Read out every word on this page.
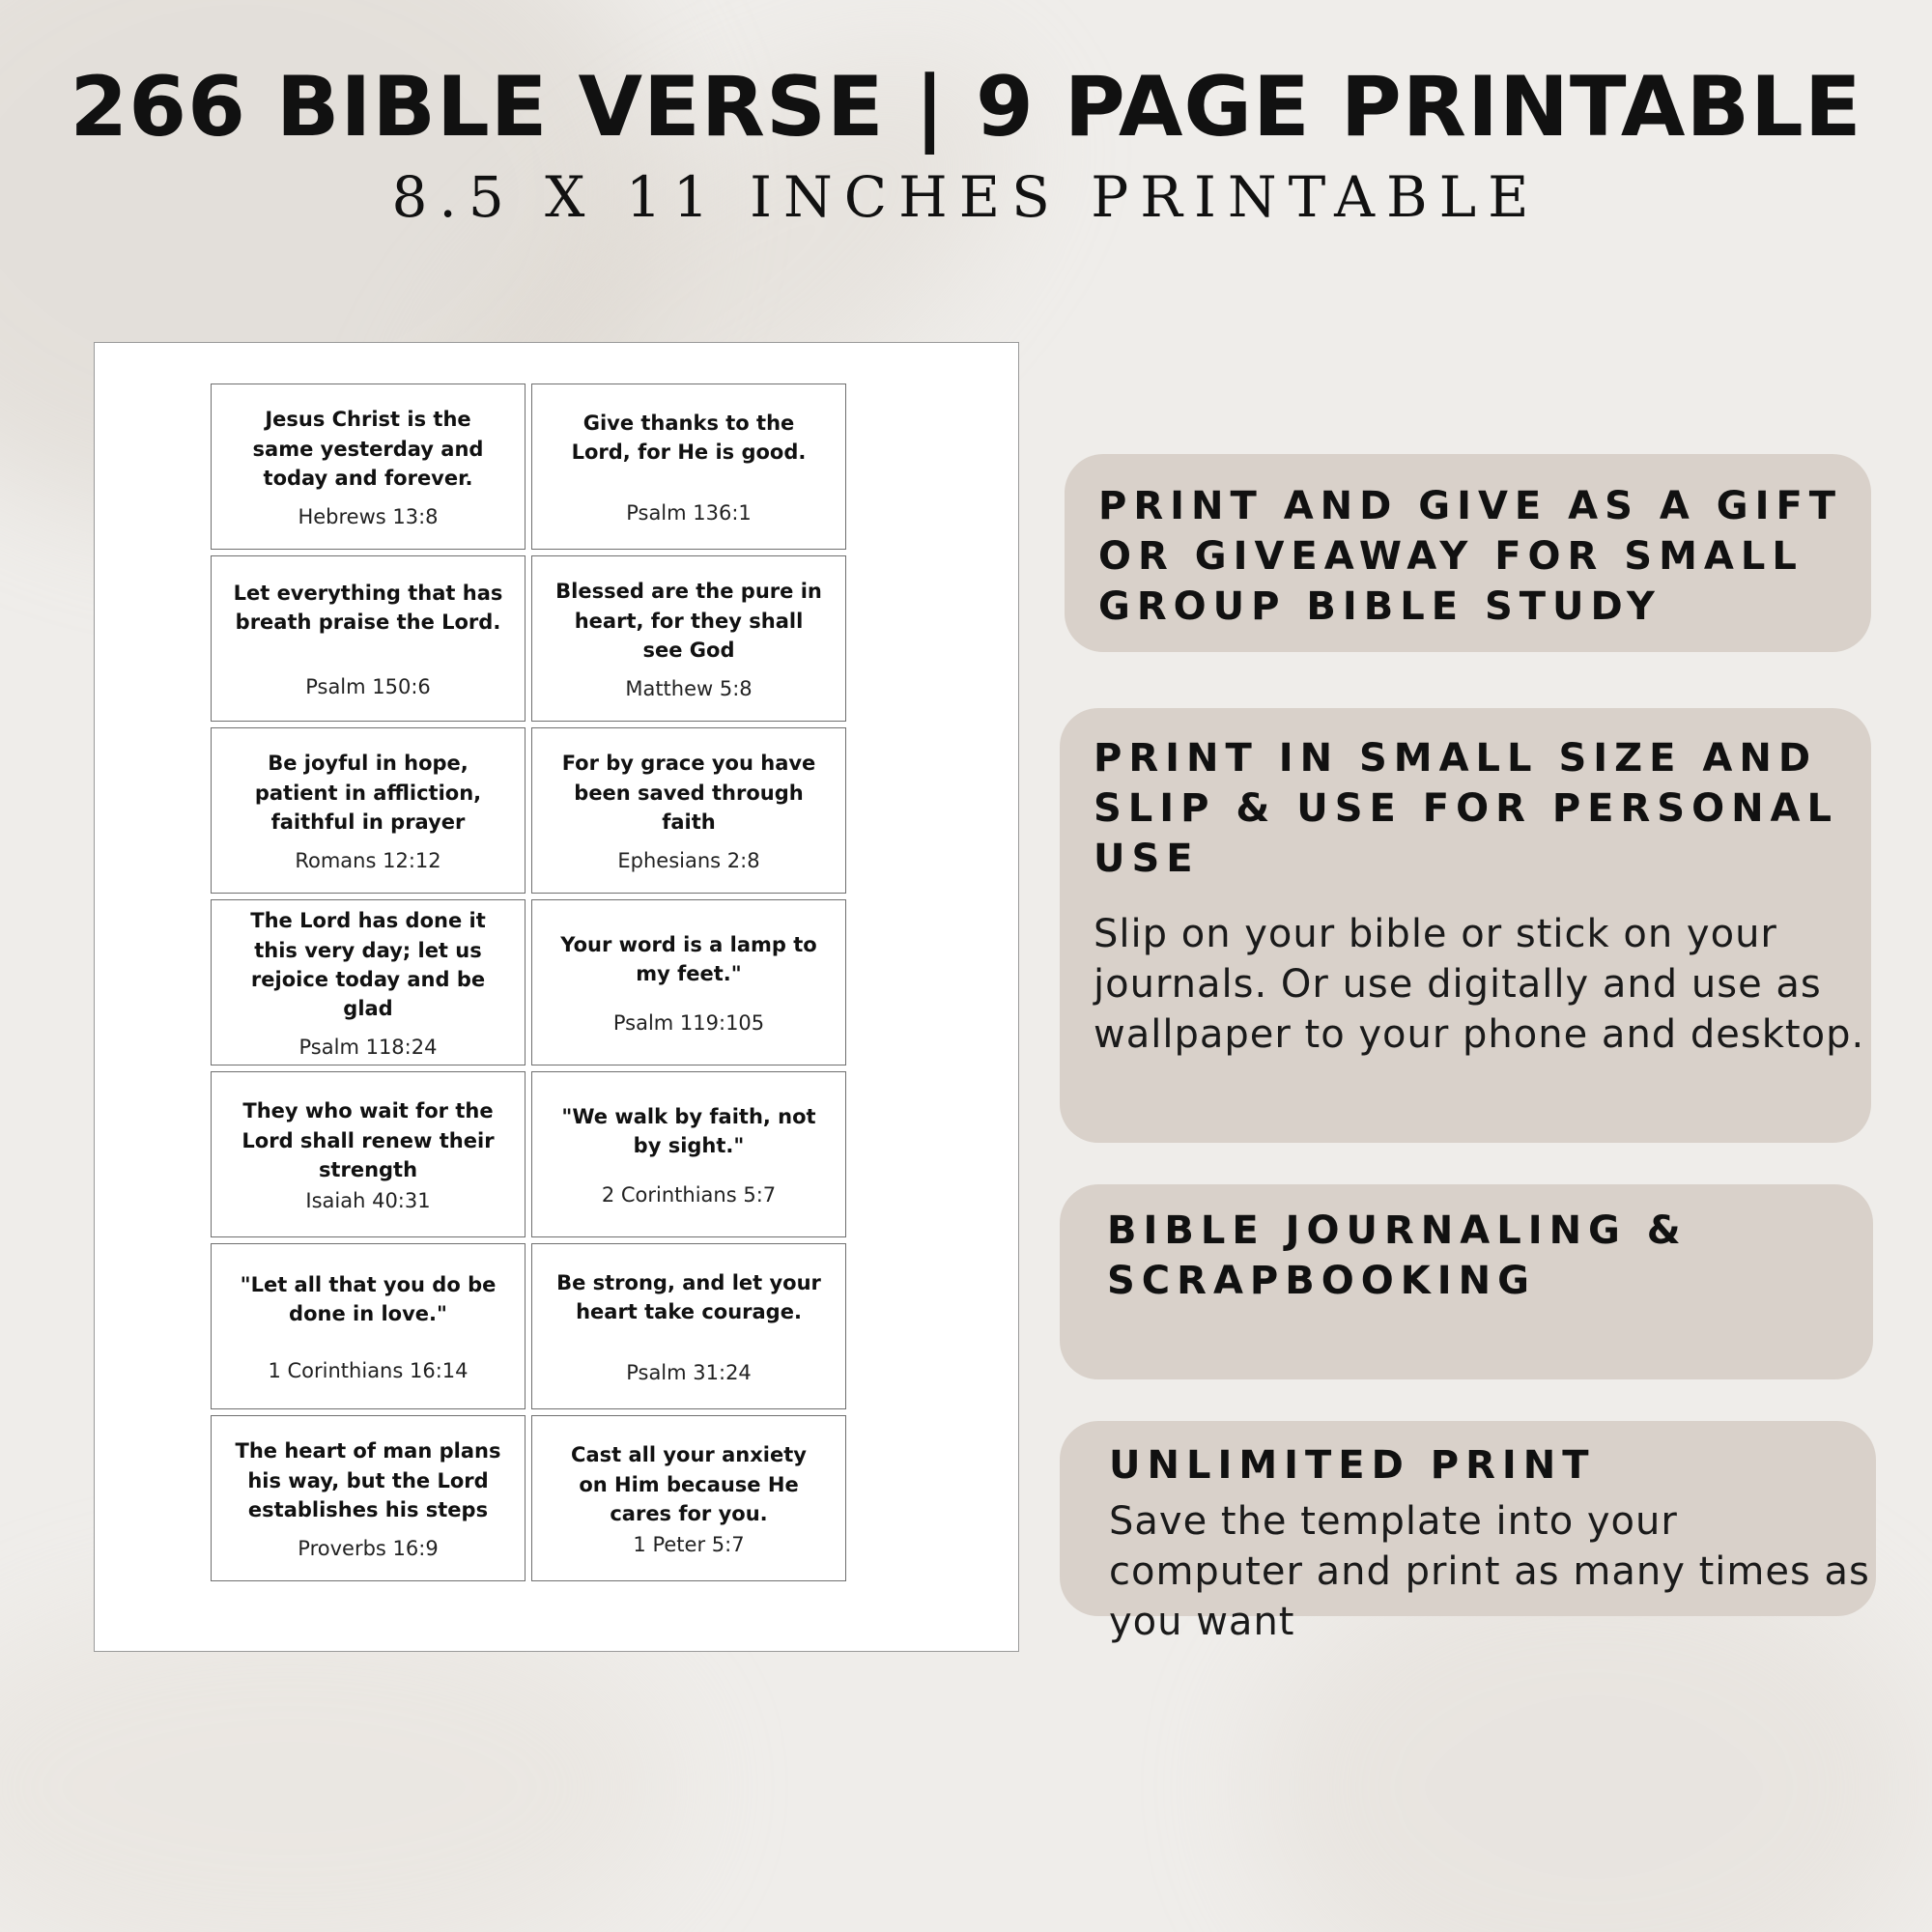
266 BIBLE VERSE | 9 PAGE PRINTABLE
8.5 X 11 INCHES PRINTABLE
Jesus Christ is the same yesterday and today and forever.
Hebrews 13:8
Give thanks to the Lord, for He is good.
Psalm 136:1
Let everything that has breath praise the Lord.
Psalm 150:6
Blessed are the pure in heart, for they shall see God
Matthew 5:8
Be joyful in hope, patient in affliction, faithful in prayer
Romans 12:12
For by grace you have been saved through faith
Ephesians 2:8
The Lord has done it this very day; let us rejoice today and be glad
Psalm 118:24
Your word is a lamp to my feet."
Psalm 119:105
They who wait for the Lord shall renew their strength
Isaiah 40:31
"We walk by faith, not by sight."
2 Corinthians 5:7
"Let all that you do be done in love."
1 Corinthians 16:14
Be strong, and let your heart take courage.
Psalm 31:24
The heart of man plans his way, but the Lord establishes his steps
Proverbs 16:9
Cast all your anxiety on Him because He cares for you.
1 Peter 5:7
PRINT AND GIVE AS A GIFT OR GIVEAWAY FOR SMALL GROUP BIBLE STUDY
PRINT IN SMALL SIZE AND SLIP & USE FOR PERSONAL USE
Slip on your bible or stick on your journals. Or use digitally and use as wallpaper to your phone and desktop.
BIBLE JOURNALING & SCRAPBOOKING
UNLIMITED PRINT
Save the template into your computer and print as many times as you want
